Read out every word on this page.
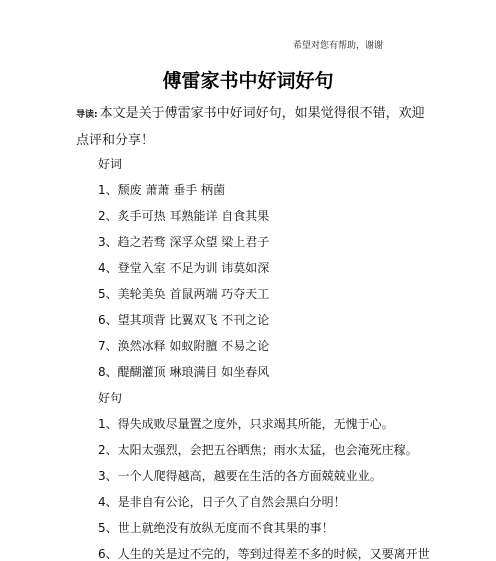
希望对您有帮助，谢谢
傅雷家书中好词好句
导读: 本文是关于傅雷家书中好词好句，如果觉得很不错，欢迎点评和分享！
好词
1、颓废 萧萧 垂手 柄菌
2、炙手可热 耳熟能详 自食其果
3、趋之若骛 深孚众望 梁上君子
4、登堂入室 不足为训 讳莫如深
5、美轮美奂 首鼠两端 巧夺天工
6、望其项背 比翼双飞 不刊之论
7、涣然冰释 如蚁附膻 不易之论
8、醍醐灌顶 琳琅满目 如坐春风
好句
1、得失成败尽量置之度外，只求竭其所能，无愧于心。
2、太阳太强烈，会把五谷晒焦；雨水太猛，也会淹死庄稼。
3、一个人爬得越高，越要在生活的各方面兢兢业业。
4、是非自有公论，日子久了自然会黑白分明！
5、世上就绝没有放纵无度而不食其果的事！
6、人生的关是过不完的，等到过得差不多的时候，又要离开世
